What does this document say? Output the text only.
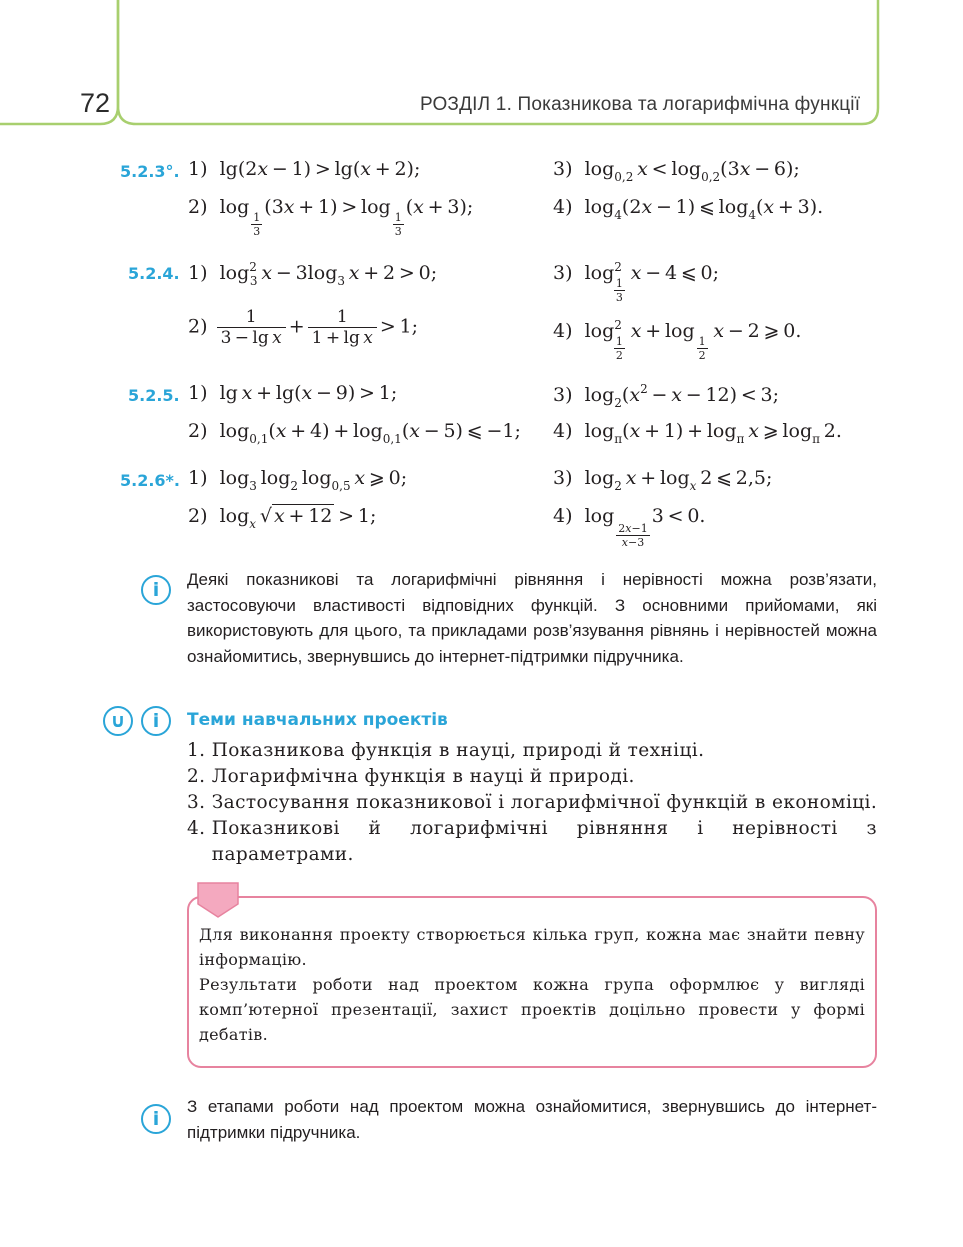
72	РОЗДІЛ 1. Показникова та логарифмічна функції
5.2.3°. 1)  lg(2x − 1) > lg(x + 2);	3)  $\log_{0,2} x < \log_{0,2}(3x - 6)$;
2)  log
$\frac{1}{3}$
(3x + 1) > log
$\frac{1}{3}$
(x + 3);	4)  $\log_4(2x - 1)$ ⩽ $\log_4(x + 3)$.
5.2.4. 1)  $\log^2_3 x - 3\log_3$  x + 2 > 0;	3)  $\log^2$
$\frac{1}{3}$
 x − 4 ⩽ 0;
$2) \frac{1}{\text{3 − lg x}} + \frac{1}{\text{1 + lg x}} > 1$;	4)  $\log^2$
$\frac{1}{2}$
 x + log
$\frac{1}{2}$
 x − 2 ⩾ 0.
5.2.5. 1)  lg x + lg(x − 9) > 1;	3)  $\log_2(x^2 - x - 12) < 3$;
2)  $\log_{0,1}(x + 4) + \log_{0,1}(x - 5)$ ⩽ −1; 4)  $\log_\pi(x + 1) + \log_\pi x$ ⩾ $\log_\pi 2$.
5.2.6*. 1)  $\log_3 \log_2 \log_{0,5} x$ ⩾ 0;	3)  $\log_2 x + \log_x 2$ ⩽ 2,5;
2)  $\log_x$ √ x + 12 > 1;	4)  log
$\frac{2x-1}{x-3}$
3 < 0.
i	Деякі показникові та логарифмічні рівняння і нерівності можна розв’язати, застосовуючи властивості відповідних функцій. З основними прийомами, які використовують для цього, та прикладами розв’язування рівнянь і нерівностей можна ознайомитись, звернувшись до інтернет-підтримки підручника.
∪	i	Теми навчальних проектів
1. Показникова функція в науці, природі й техніці.
2. Логарифмічна функція в науці й природі.
3. Застосування показникової і логарифмічної функцій в економіці.
4.
Показникові й логарифмічні рівняння і нерівності з параметрами.
Для виконання проекту створюється кілька груп, кожна має знайти певну інформацію.
Результати роботи над проектом кожна група оформлює у вигляді комп’ютерної презентації, захист проектів доцільно провести у формі дебатів.
i
З етапами роботи над проектом можна ознайомитися, звернувшись до інтернет-підтримки підручника.
